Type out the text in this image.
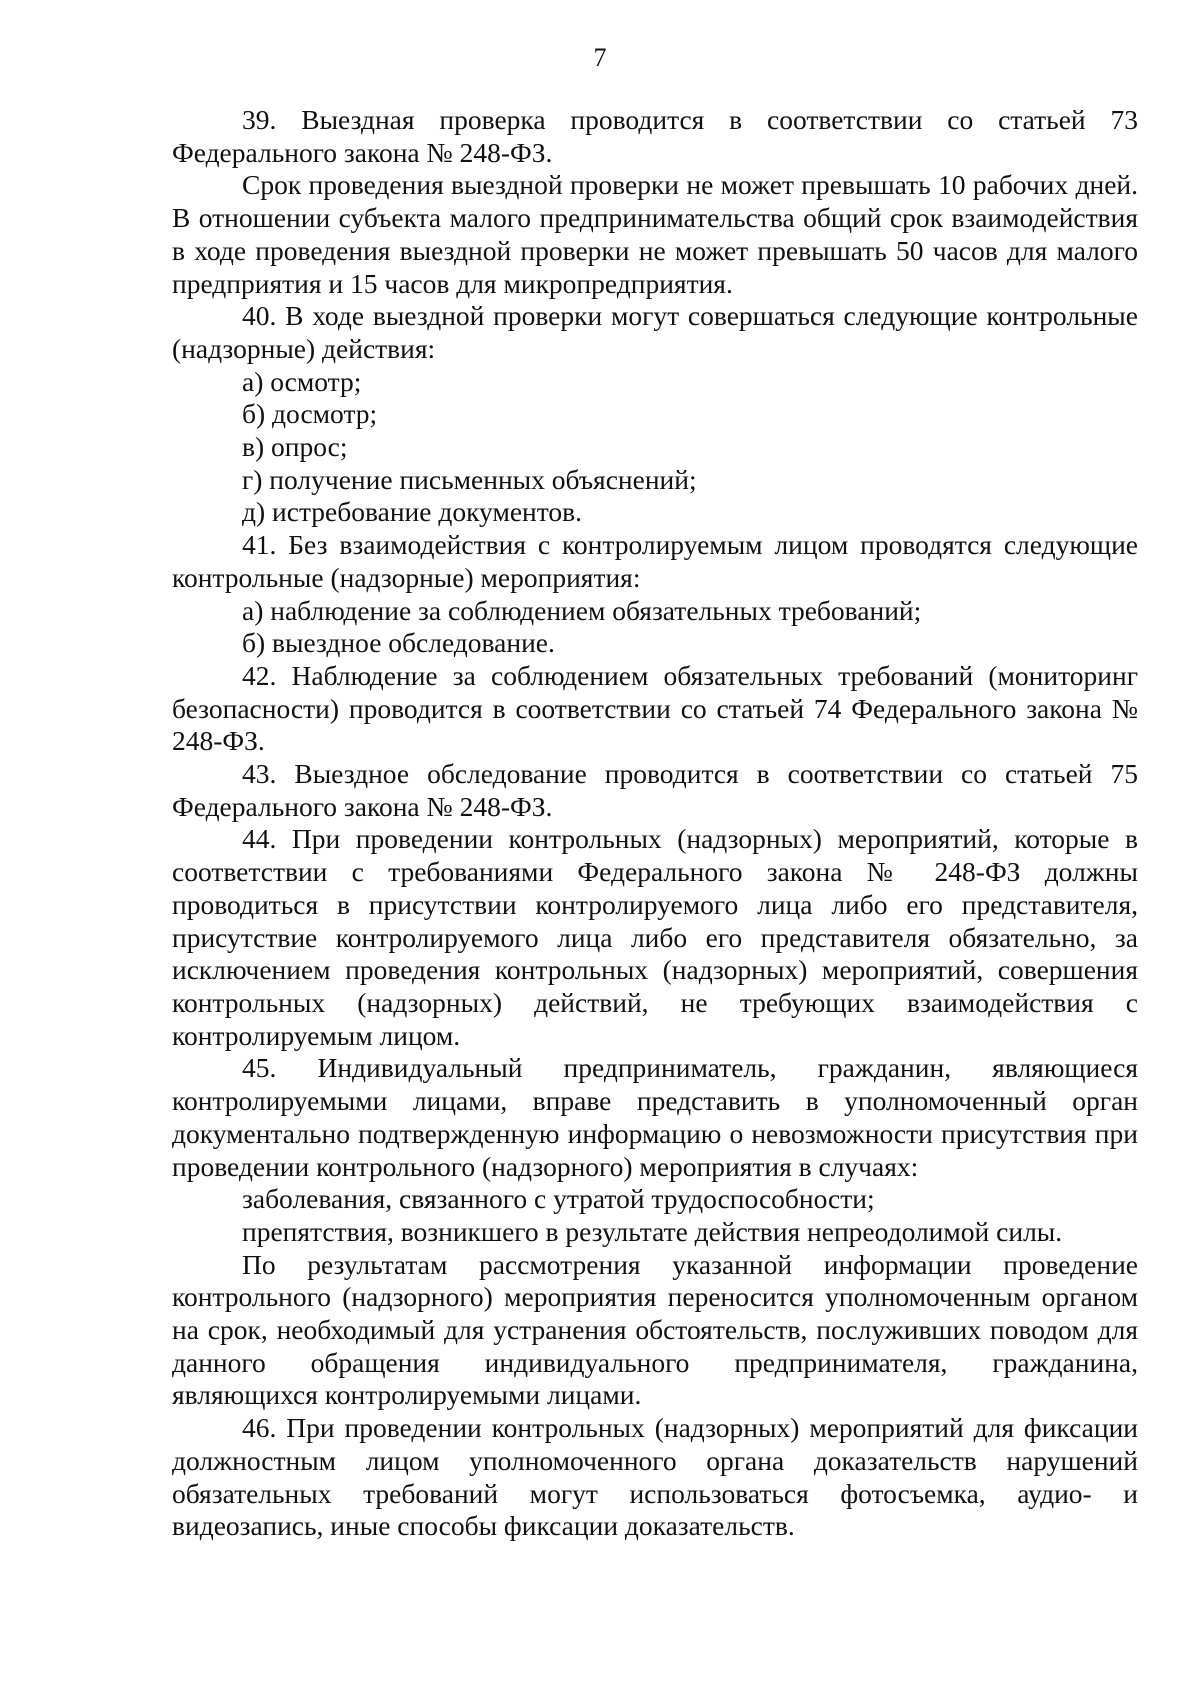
7

39. Выездная проверка проводится в соответствии со статьей 73 Федерального закона № 248-ФЗ.

Срок проведения выездной проверки не может превышать 10 рабочих дней. В отношении субъекта малого предпринимательства общий срок взаимодействия в ходе проведения выездной проверки не может превышать 50 часов для малого предприятия и 15 часов для микропредприятия.

40. В ходе выездной проверки могут совершаться следующие контрольные (надзорные) действия:

а) осмотр;

б) досмотр;

в) опрос;

г) получение письменных объяснений;

д) истребование документов.

41. Без взаимодействия с контролируемым лицом проводятся следующие контрольные (надзорные) мероприятия:

а) наблюдение за соблюдением обязательных требований;

б) выездное обследование.

42. Наблюдение за соблюдением обязательных требований (мониторинг безопасности) проводится в соответствии со статьей 74 Федерального закона № 248-ФЗ.

43. Выездное обследование проводится в соответствии со статьей 75 Федерального закона № 248-ФЗ.

44. При проведении контрольных (надзорных) мероприятий, которые в соответствии с требованиями Федерального закона № 248-ФЗ должны проводиться в присутствии контролируемого лица либо его представителя, присутствие контролируемого лица либо его представителя обязательно, за исключением проведения контрольных (надзорных) мероприятий, совершения контрольных (надзорных) действий, не требующих взаимодействия с контролируемым лицом.

45. Индивидуальный предприниматель, гражданин, являющиеся контролируемыми лицами, вправе представить в уполномоченный орган документально подтвержденную информацию о невозможности присутствия при проведении контрольного (надзорного) мероприятия в случаях:

заболевания, связанного с утратой трудоспособности;

препятствия, возникшего в результате действия непреодолимой силы.

По результатам рассмотрения указанной информации проведение контрольного (надзорного) мероприятия переносится уполномоченным органом на срок, необходимый для устранения обстоятельств, послуживших поводом для данного обращения индивидуального предпринимателя, гражданина, являющихся контролируемыми лицами.

46. При проведении контрольных (надзорных) мероприятий для фиксации должностным лицом уполномоченного органа доказательств нарушений обязательных требований могут использоваться фотосъемка, аудио- и видеозапись, иные способы фиксации доказательств.
